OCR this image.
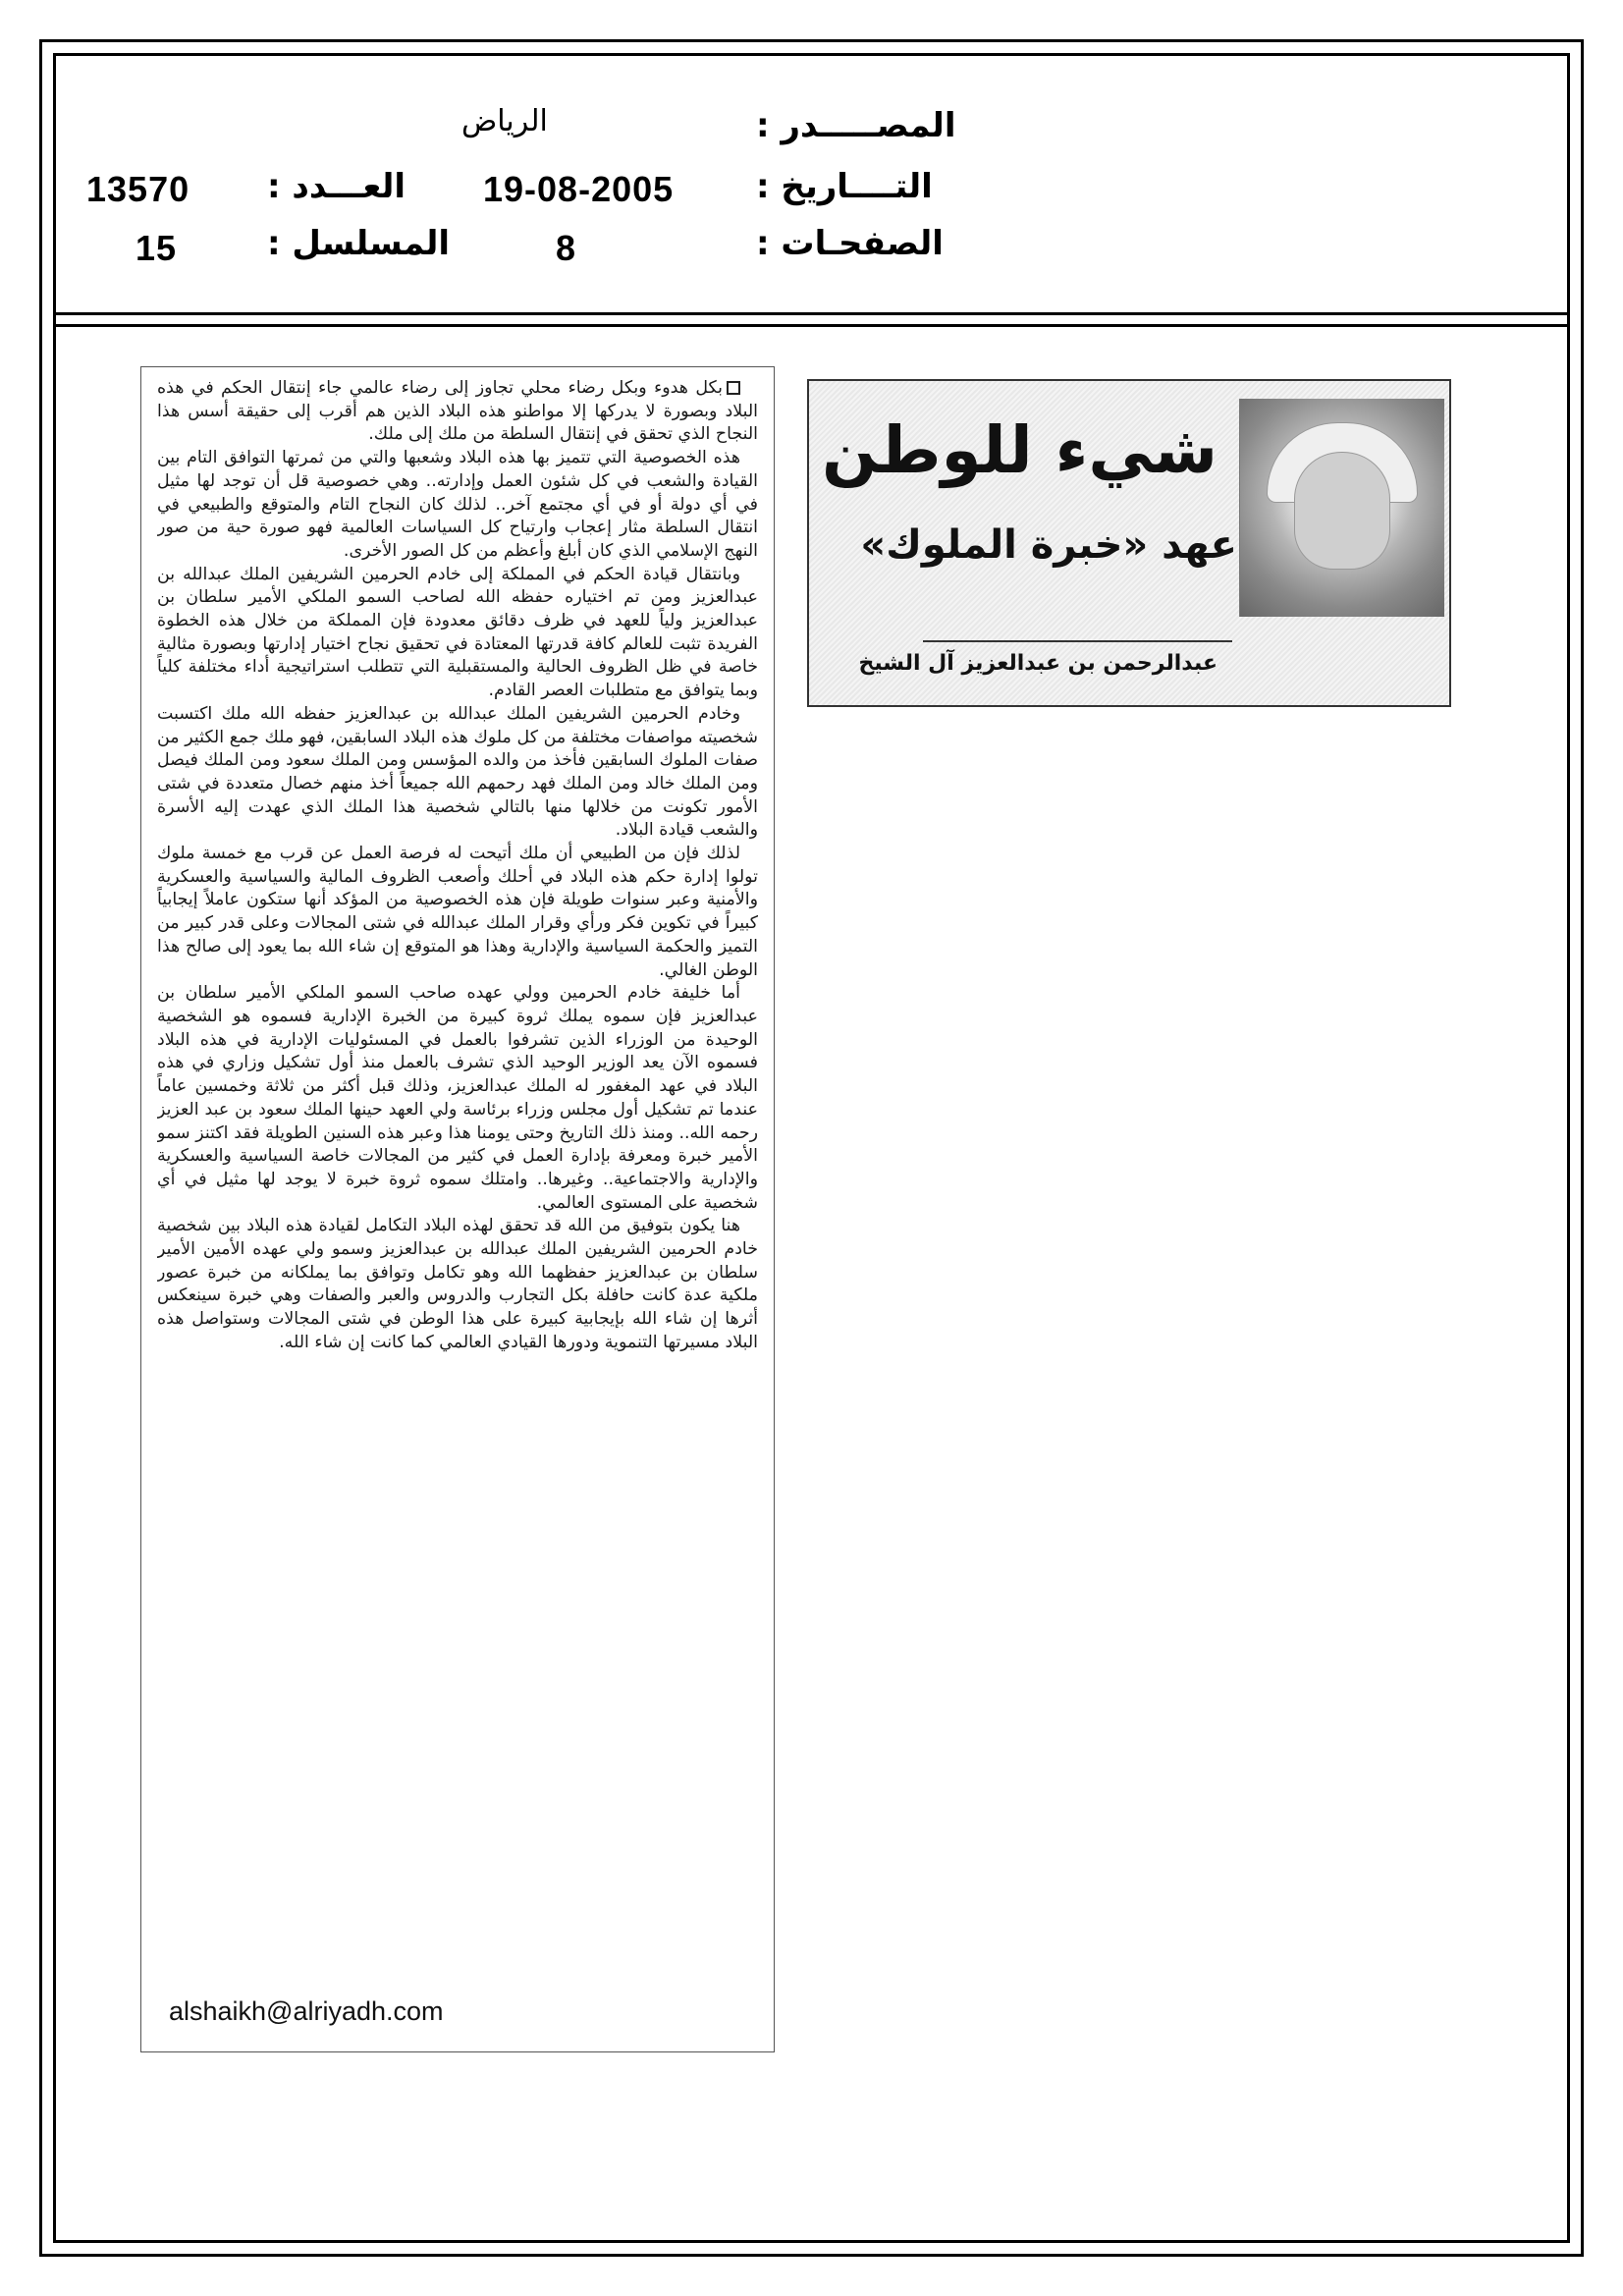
المصـــــدر :
الرياض
التــــاريخ :
19-08-2005
العـــدد :
13570
الصفحـات :
8
المسلسل :
15
شيء للوطن
عهد «خبرة الملوك»
عبدالرحمن بن عبدالعزيز آل الشيخ

بكل هدوء وبكل رضاء محلي تجاوز إلى رضاء عالمي جاء إنتقال الحكم في هذه البلاد وبصورة لا يدركها إلا مواطنو هذه البلاد الذين هم أقرب إلى حقيقة أسس هذا النجاح الذي تحقق في إنتقال السلطة من ملك إلى ملك.

هذه الخصوصية التي تتميز بها هذه البلاد وشعبها والتي من ثمرتها التوافق التام بين القيادة والشعب في كل شئون العمل وإدارته.. وهي خصوصية قل أن توجد لها مثيل في أي دولة أو في أي مجتمع آخر.. لذلك كان النجاح التام والمتوقع والطبيعي في انتقال السلطة مثار إعجاب وارتياح كل السياسات العالمية فهو صورة حية من صور النهج الإسلامي الذي كان أبلغ وأعظم من كل الصور الأخرى.

وبانتقال قيادة الحكم في المملكة إلى خادم الحرمين الشريفين الملك عبدالله بن عبدالعزيز ومن تم اختياره حفظه الله لصاحب السمو الملكي الأمير سلطان بن عبدالعزيز ولياً للعهد في ظرف دقائق معدودة فإن المملكة من خلال هذه الخطوة الفريدة تثبت للعالم كافة قدرتها المعتادة في تحقيق نجاح اختيار إدارتها وبصورة مثالية خاصة في ظل الظروف الحالية والمستقبلية التي تتطلب استراتيجية أداء مختلفة كلياً وبما يتوافق مع متطلبات العصر القادم.

وخادم الحرمين الشريفين الملك عبدالله بن عبدالعزيز حفظه الله ملك اكتسبت شخصيته مواصفات مختلفة من كل ملوك هذه البلاد السابقين، فهو ملك جمع الكثير من صفات الملوك السابقين فأخذ من والده المؤسس ومن الملك سعود ومن الملك فيصل ومن الملك خالد ومن الملك فهد رحمهم الله جميعاً أخذ منهم خصال متعددة في شتى الأمور تكونت من خلالها منها بالتالي شخصية هذا الملك الذي عهدت إليه الأسرة والشعب قيادة البلاد.

لذلك فإن من الطبيعي أن ملك أتيحت له فرصة العمل عن قرب مع خمسة ملوك تولوا إدارة حكم هذه البلاد في أحلك وأصعب الظروف المالية والسياسية والعسكرية والأمنية وعبر سنوات طويلة فإن هذه الخصوصية من المؤكد أنها ستكون عاملاً إيجابياً كبيراً في تكوين فكر ورأي وقرار الملك عبدالله في شتى المجالات وعلى قدر كبير من التميز والحكمة السياسية والإدارية وهذا هو المتوقع إن شاء الله بما يعود إلى صالح هذا الوطن الغالي.

أما خليفة خادم الحرمين وولي عهده صاحب السمو الملكي الأمير سلطان بن عبدالعزيز فإن سموه يملك ثروة كبيرة من الخبرة الإدارية فسموه هو الشخصية الوحيدة من الوزراء الذين تشرفوا بالعمل في المسئوليات الإدارية في هذه البلاد فسموه الآن يعد الوزير الوحيد الذي تشرف بالعمل منذ أول تشكيل وزاري في هذه البلاد في عهد المغفور له الملك عبدالعزيز، وذلك قبل أكثر من ثلاثة وخمسين عاماً عندما تم تشكيل أول مجلس وزراء برئاسة ولي العهد حينها الملك سعود بن عبد العزيز رحمه الله.. ومنذ ذلك التاريخ وحتى يومنا هذا وعبر هذه السنين الطويلة فقد اكتنز سمو الأمير خبرة ومعرفة بإدارة العمل في كثير من المجالات خاصة السياسية والعسكرية والإدارية والاجتماعية.. وغيرها.. وامتلك سموه ثروة خبرة لا يوجد لها مثيل في أي شخصية على المستوى العالمي.

هنا يكون بتوفيق من الله قد تحقق لهذه البلاد التكامل لقيادة هذه البلاد بين شخصية خادم الحرمين الشريفين الملك عبدالله بن عبدالعزيز وسمو ولي عهده الأمين الأمير سلطان بن عبدالعزيز حفظهما الله وهو تكامل وتوافق بما يملكانه من خبرة عصور ملكية عدة كانت حافلة بكل التجارب والدروس والعبر والصفات وهي خبرة سينعكس أثرها إن شاء الله بإيجابية كبيرة على هذا الوطن في شتى المجالات وستواصل هذه البلاد مسيرتها التنموية ودورها القيادي العالمي كما كانت إن شاء الله.

alshaikh@alriyadh.com
